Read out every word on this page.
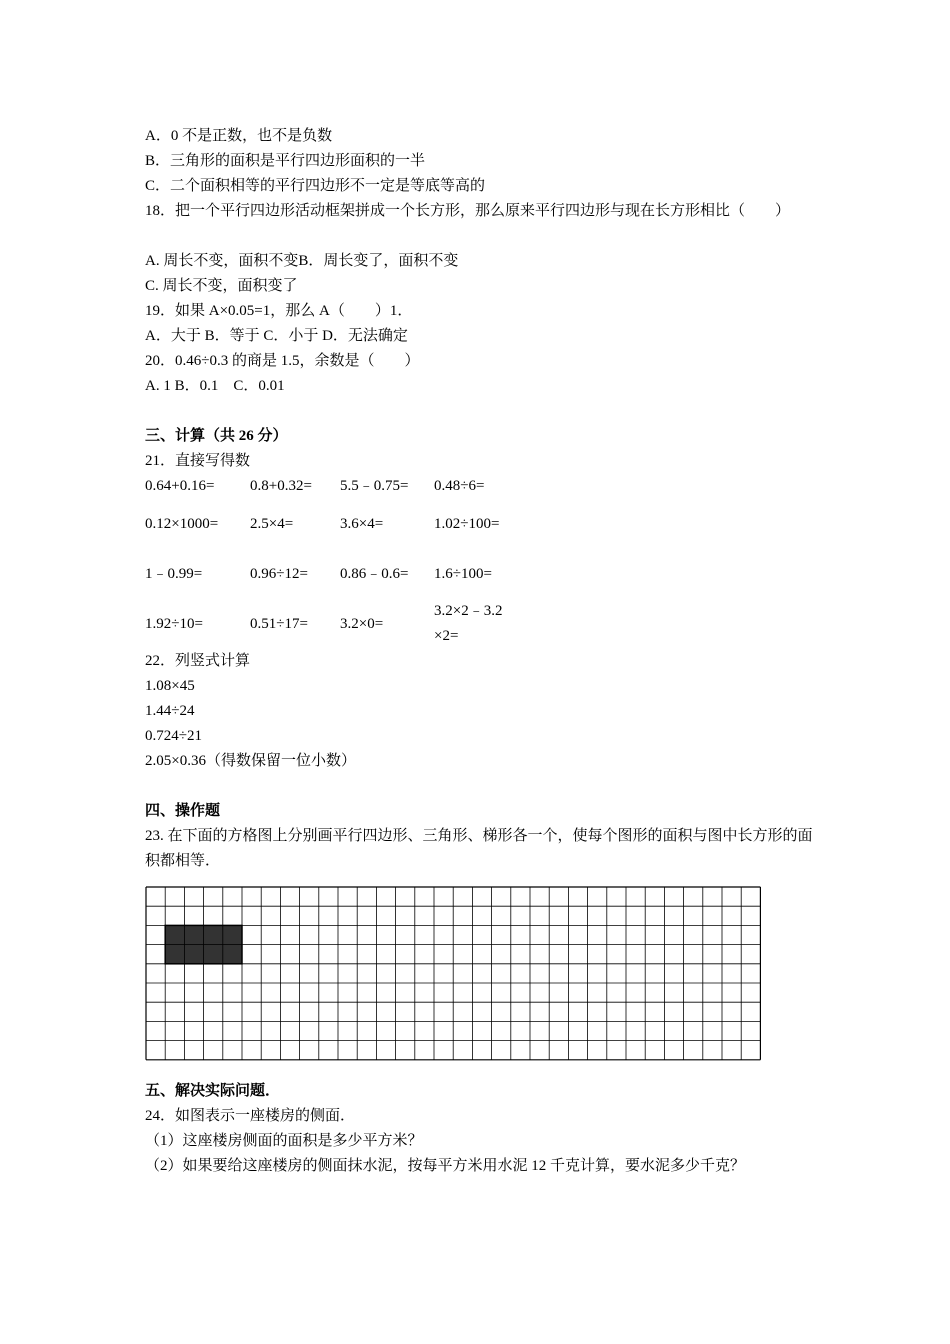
A．0 不是正数，也不是负数
B．三角形的面积是平行四边形面积的一半
C．二个面积相等的平行四边形不一定是等底等高的
18．把一个平行四边形活动框架拼成一个长方形，那么原来平行四边形与现在长方形相比（　　）
A. 周长不变，面积不变B．周长变了，面积不变
C. 周长不变，面积变了
19．如果 A×0.05=1，那么 A（　　）1．
A．大于 B．等于 C．小于 D．无法确定
20．0.46÷0.3 的商是 1.5，余数是（　　）
A. 1 B．0.1　C．0.01
三、计算（共 26 分）
21．直接写得数
0.64+0.16=	0.8+0.32=	5.5﹣0.75=	0.48÷6=

0.12×1000=	2.5×4=	3.6×4=	1.02÷100=
1﹣0.99=	0.96÷12=	0.86﹣0.6=	1.6÷100=
1.92÷10=	0.51÷17=	3.2×0=	3.2×2﹣3.2×2=
22．列竖式计算
1.08×45
1.44÷24
0.724÷21
2.05×0.36（得数保留一位小数）
四、操作题
23. 在下面的方格图上分别画平行四边形、三角形、梯形各一个，使每个图形的面积与图中长方形的面积都相等．
五、解决实际问题．
24．如图表示一座楼房的侧面．
（1）这座楼房侧面的面积是多少平方米？
（2）如果要给这座楼房的侧面抹水泥，按每平方米用水泥 12 千克计算，要水泥多少千克？
